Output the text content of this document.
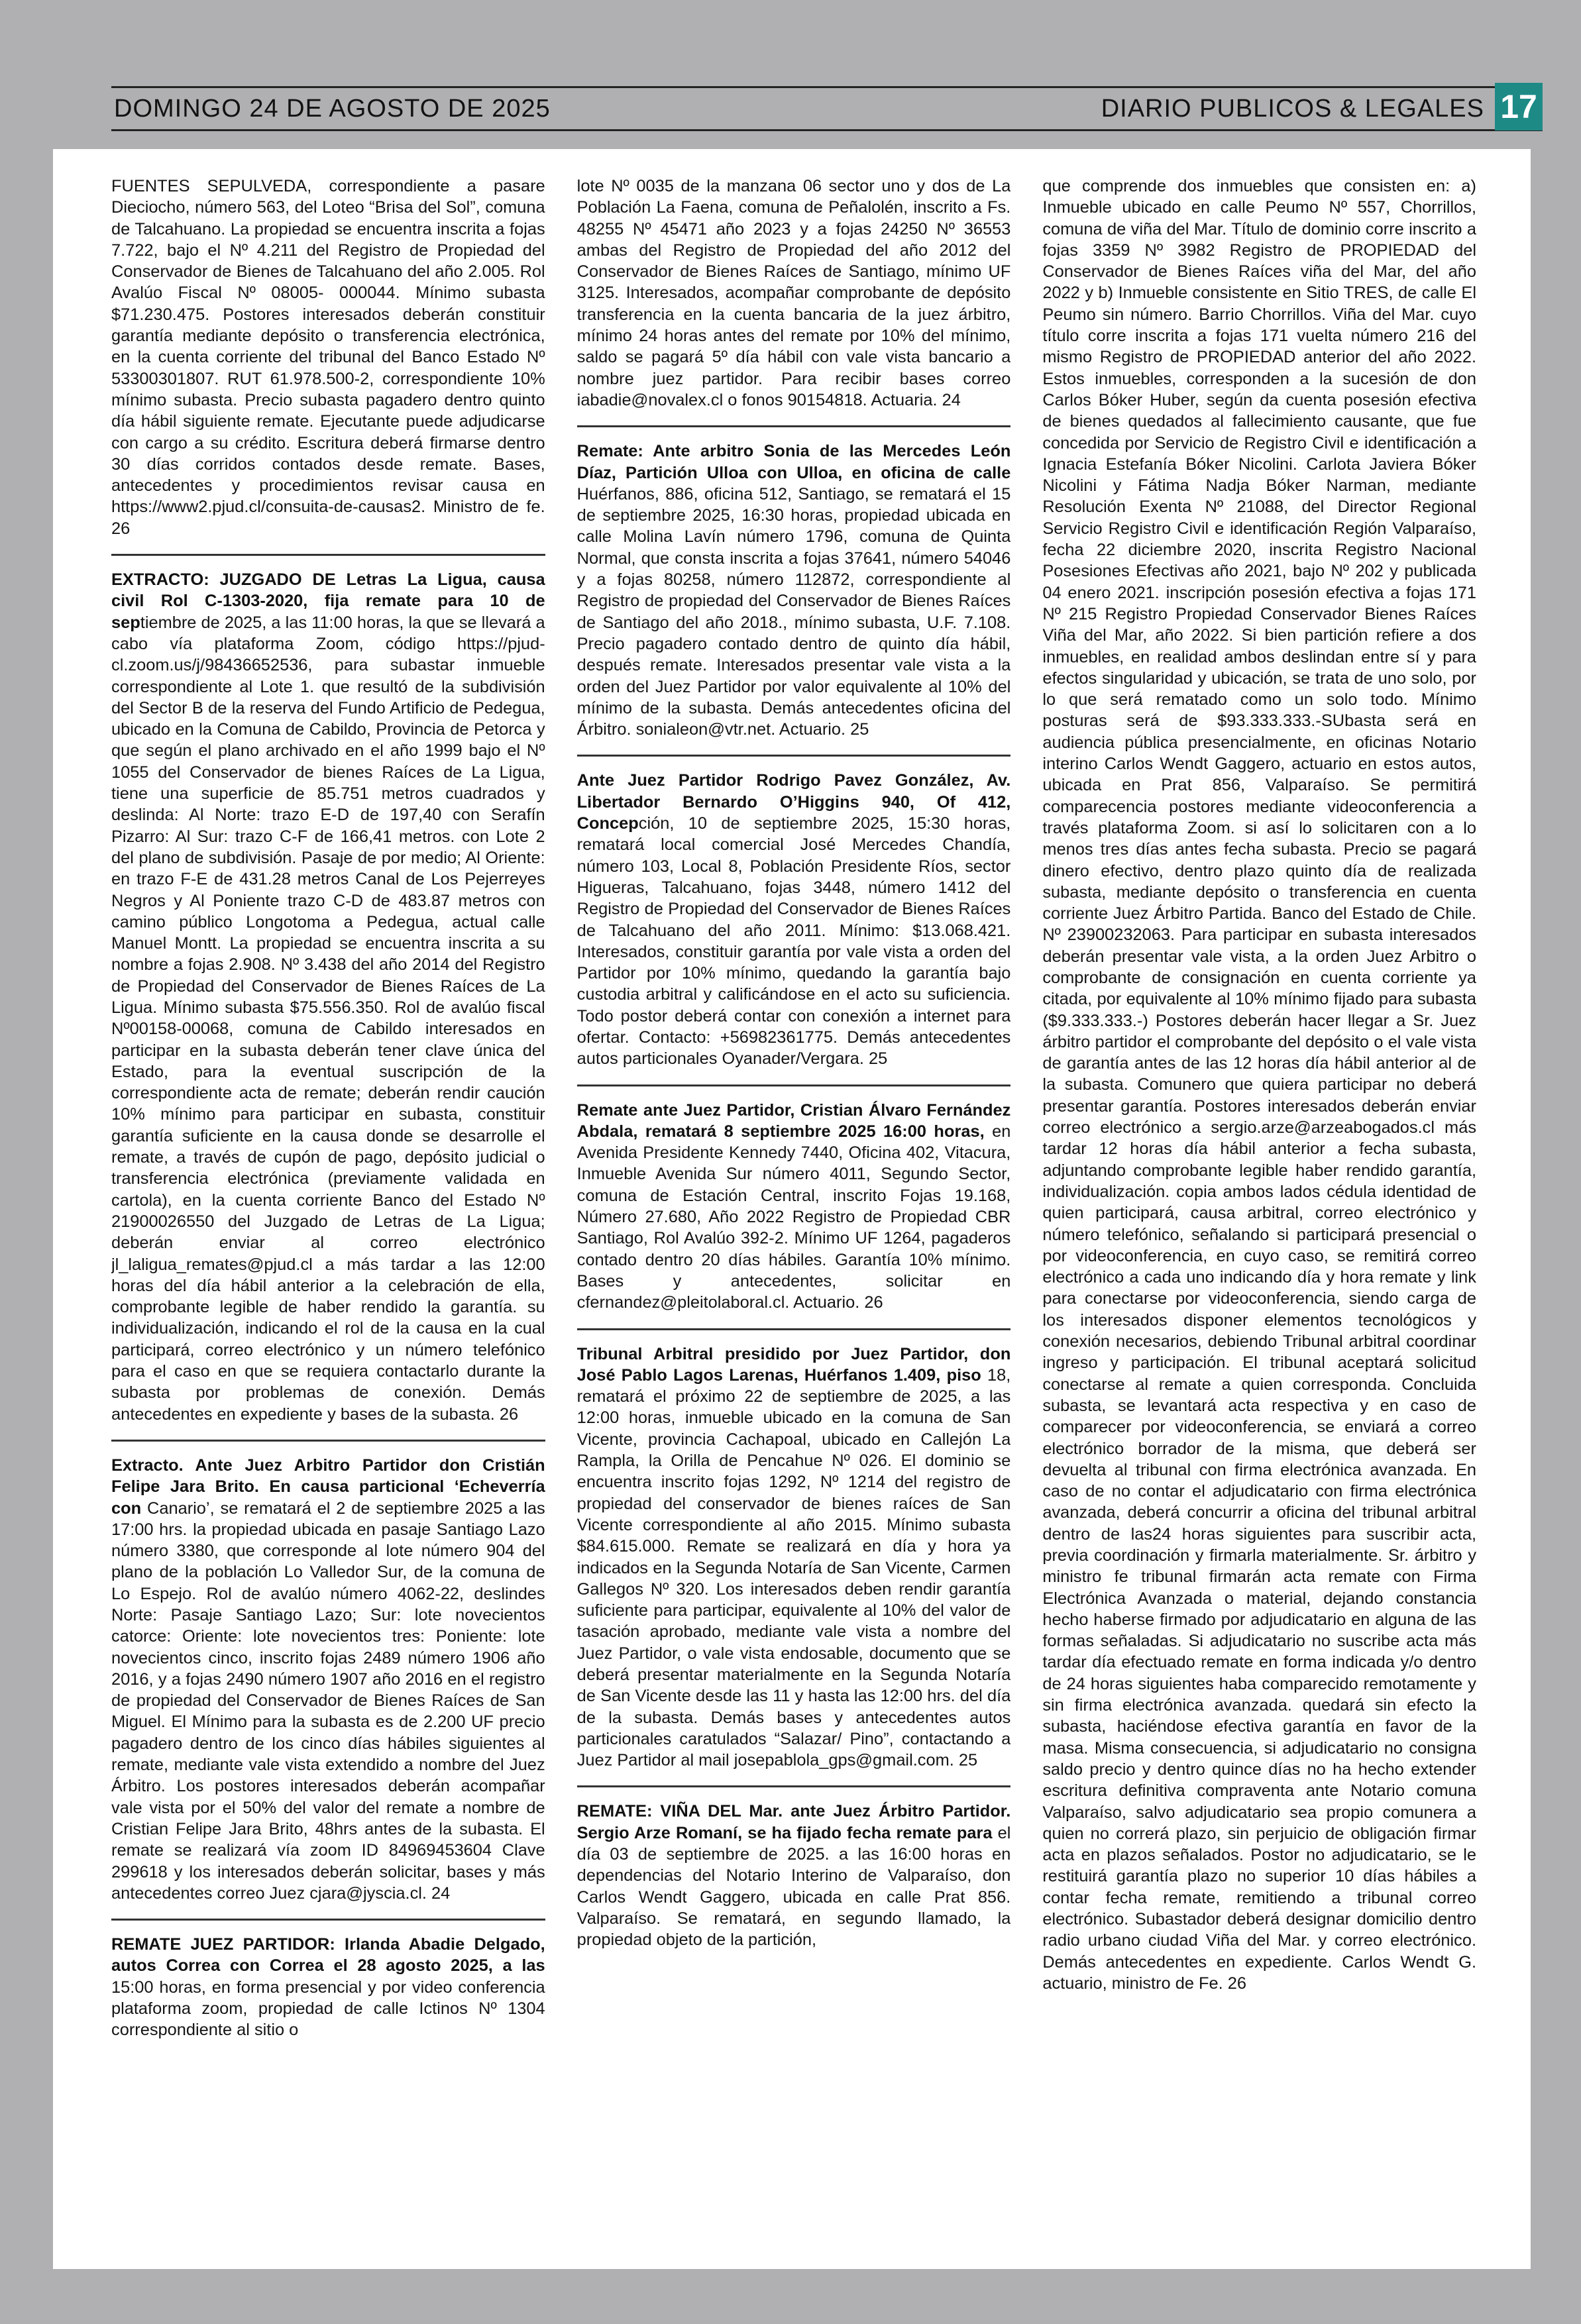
DOMINGO 24 DE AGOSTO DE 2025	DIARIO PUBLICOS & LEGALES 17

FUENTES SEPULVEDA, correspondiente a pasare Dieciocho, número 563, del Loteo “Brisa del Sol”, comuna de Talcahuano. La propiedad se encuentra inscrita a fojas 7.722, bajo el Nº 4.211 del Registro de Propiedad del Conservador de Bienes de Talcahuano del año 2.005. Rol Avalúo Fiscal Nº 08005- 000044. Mínimo subasta $71.230.475. Postores interesados deberán constituir garantía mediante depósito o transferencia electrónica, en la cuenta corriente del tribunal del Banco Estado Nº 53300301807. RUT 61.978.500-2, correspondiente 10% mínimo subasta. Precio subasta pagadero dentro quinto día hábil siguiente remate. Ejecutante puede adjudicarse con cargo a su crédito. Escritura deberá firmarse dentro 30 días corridos contados desde remate. Bases, antecedentes y procedimientos revisar causa en https://www2.pjud.cl/consuita-de-causas2. Ministro de fe. 26

EXTRACTO: JUZGADO DE Letras La Ligua, causa civil Rol C-1303-2020, fija remate para 10 de septiembre de 2025, a las 11:00 horas, la que se llevará a cabo vía plataforma Zoom, código https://pjud-cl.zoom.us/j/98436652536, para subastar inmueble correspondiente al Lote 1. que resultó de la subdivisión del Sector B de la reserva del Fundo Artificio de Pedegua, ubicado en la Comuna de Cabildo, Provincia de Petorca y que según el plano archivado en el año 1999 bajo el Nº 1055 del Conservador de bienes Raíces de La Ligua, tiene una superficie de 85.751 metros cuadrados y deslinda: Al Norte: trazo E-D de 197,40 con Serafín Pizarro: Al Sur: trazo C-F de 166,41 metros. con Lote 2 del plano de subdivisión. Pasaje de por medio; Al Oriente: en trazo F-E de 431.28 metros Canal de Los Pejerreyes Negros y Al Poniente trazo C-D de 483.87 metros con camino público Longotoma a Pedegua, actual calle Manuel Montt. La propiedad se encuentra inscrita a su nombre a fojas 2.908. Nº 3.438 del año 2014 del Registro de Propiedad del Conservador de Bienes Raíces de La Ligua. Mínimo subasta $75.556.350. Rol de avalúo fiscal Nº00158-00068, comuna de Cabildo interesados en participar en la subasta deberán tener clave única del Estado, para la eventual suscripción de la correspondiente acta de remate; deberán rendir caución 10% mínimo para participar en subasta, constituir garantía suficiente en la causa donde se desarrolle el remate, a través de cupón de pago, depósito judicial o transferencia electrónica (previamente validada en cartola), en la cuenta corriente Banco del Estado Nº 21900026550 del Juzgado de Letras de La Ligua; deberán enviar al correo electrónico jl_laligua_remates@pjud.cl a más tardar a las 12:00 horas del día hábil anterior a la celebración de ella, comprobante legible de haber rendido la garantía. su individualización, indicando el rol de la causa en la cual participará, correo electrónico y un número telefónico para el caso en que se requiera contactarlo durante la subasta por problemas de conexión. Demás antecedentes en expediente y bases de la subasta. 26

Extracto. Ante Juez Arbitro Partidor don Cristián Felipe Jara Brito. En causa particional ‘Echeverría con Canario’, se rematará el 2 de septiembre 2025 a las 17:00 hrs. la propiedad ubicada en pasaje Santiago Lazo número 3380, que corresponde al lote número 904 del plano de la población Lo Valledor Sur, de la comuna de Lo Espejo. Rol de avalúo número 4062-22, deslindes Norte: Pasaje Santiago Lazo; Sur: lote novecientos catorce: Oriente: lote novecientos tres: Poniente: lote novecientos cinco, inscrito fojas 2489 número 1906 año 2016, y a fojas 2490 número 1907 año 2016 en el registro de propiedad del Conservador de Bienes Raíces de San Miguel. El Mínimo para la subasta es de 2.200 UF precio pagadero dentro de los cinco días hábiles siguientes al remate, mediante vale vista extendido a nombre del Juez Árbitro. Los postores interesados deberán acompañar vale vista por el 50% del valor del remate a nombre de Cristian Felipe Jara Brito, 48hrs antes de la subasta. El remate se realizará vía zoom ID 84969453604 Clave 299618 y los interesados deberán solicitar, bases y más antecedentes correo Juez cjara@jyscia.cl. 24

REMATE JUEZ PARTIDOR: Irlanda Abadie Delgado, autos Correa con Correa el 28 agosto 2025, a las 15:00 horas, en forma presencial y por video conferencia plataforma zoom, propiedad de calle Ictinos Nº 1304 correspondiente al sitio o

lote Nº 0035 de la manzana 06 sector uno y dos de La Población La Faena, comuna de Peñalolén, inscrito a Fs. 48255 Nº 45471 año 2023 y a fojas 24250 Nº 36553 ambas del Registro de Propiedad del año 2012 del Conservador de Bienes Raíces de Santiago, mínimo UF 3125. Interesados, acompañar comprobante de depósito transferencia en la cuenta bancaria de la juez árbitro, mínimo 24 horas antes del remate por 10% del mínimo, saldo se pagará 5º día hábil con vale vista bancario a nombre juez partidor. Para recibir bases correo iabadie@novalex.cl o fonos 90154818. Actuaria. 24

Remate: Ante arbitro Sonia de las Mercedes León Díaz, Partición Ulloa con Ulloa, en oficina de calle Huérfanos, 886, oficina 512, Santiago, se rematará el 15 de septiembre 2025, 16:30 horas, propiedad ubicada en calle Molina Lavín número 1796, comuna de Quinta Normal, que consta inscrita a fojas 37641, número 54046 y a fojas 80258, número 112872, correspondiente al Registro de propiedad del Conservador de Bienes Raíces de Santiago del año 2018., mínimo subasta, U.F. 7.108. Precio pagadero contado dentro de quinto día hábil, después remate. Interesados presentar vale vista a la orden del Juez Partidor por valor equivalente al 10% del mínimo de la subasta. Demás antecedentes oficina del Árbitro. sonialeon@vtr.net. Actuario. 25

Ante Juez Partidor Rodrigo Pavez González, Av. Libertador Bernardo O’Higgins 940, Of 412, Concepción, 10 de septiembre 2025, 15:30 horas, rematará local comercial José Mercedes Chandía, número 103, Local 8, Población Presidente Ríos, sector Higueras, Talcahuano, fojas 3448, número 1412 del Registro de Propiedad del Conservador de Bienes Raíces de Talcahuano del año 2011. Mínimo: $13.068.421. Interesados, constituir garantía por vale vista a orden del Partidor por 10% mínimo, quedando la garantía bajo custodia arbitral y calificándose en el acto su suficiencia. Todo postor deberá contar con conexión a internet para ofertar. Contacto: +56982361775. Demás antecedentes autos particionales Oyanader/Vergara. 25

Remate ante Juez Partidor, Cristian Álvaro Fernández Abdala, rematará 8 septiembre 2025 16:00 horas, en Avenida Presidente Kennedy 7440, Oficina 402, Vitacura, Inmueble Avenida Sur número 4011, Segundo Sector, comuna de Estación Central, inscrito Fojas 19.168, Número 27.680, Año 2022 Registro de Propiedad CBR Santiago, Rol Avalúo 392-2. Mínimo UF 1264, pagaderos contado dentro 20 días hábiles. Garantía 10% mínimo. Bases y antecedentes, solicitar en cfernandez@pleitolaboral.cl. Actuario. 26

Tribunal Arbitral presidido por Juez Partidor, don José Pablo Lagos Larenas, Huérfanos 1.409, piso 18, rematará el próximo 22 de septiembre de 2025, a las 12:00 horas, inmueble ubicado en la comuna de San Vicente, provincia Cachapoal, ubicado en Callejón La Rampla, la Orilla de Pencahue Nº 026. El dominio se encuentra inscrito fojas 1292, Nº 1214 del registro de propiedad del conservador de bienes raíces de San Vicente correspondiente al año 2015. Mínimo subasta $84.615.000. Remate se realizará en día y hora ya indicados en la Segunda Notaría de San Vicente, Carmen Gallegos Nº 320. Los interesados deben rendir garantía suficiente para participar, equivalente al 10% del valor de tasación aprobado, mediante vale vista a nombre del Juez Partidor, o vale vista endosable, documento que se deberá presentar materialmente en la Segunda Notaría de San Vicente desde las 11 y hasta las 12:00 hrs. del día de la subasta. Demás bases y antecedentes autos particionales caratulados “Salazar/ Pino”, contactando a Juez Partidor al mail josepablola_gps@gmail.com. 25

REMATE: VIÑA DEL Mar. ante Juez Árbitro Partidor. Sergio Arze Romaní, se ha fijado fecha remate para el día 03 de septiembre de 2025. a las 16:00 horas en dependencias del Notario Interino de Valparaíso, don Carlos Wendt Gaggero, ubicada en calle Prat 856. Valparaíso. Se rematará, en segundo llamado, la propiedad objeto de la partición,

que comprende dos inmuebles que consisten en: a) Inmueble ubicado en calle Peumo Nº 557, Chorrillos, comuna de viña del Mar. Título de dominio corre inscrito a fojas 3359 Nº 3982 Registro de PROPIEDAD del Conservador de Bienes Raíces viña del Mar, del año 2022 y b) Inmueble consistente en Sitio TRES, de calle El Peumo sin número. Barrio Chorrillos. Viña del Mar. cuyo título corre inscrita a fojas 171 vuelta número 216 del mismo Registro de PROPIEDAD anterior del año 2022. Estos inmuebles, corresponden a la sucesión de don Carlos Bóker Huber, según da cuenta posesión efectiva de bienes quedados al fallecimiento causante, que fue concedida por Servicio de Registro Civil e identificación a Ignacia Estefanía Bóker Nicolini. Carlota Javiera Bóker Nicolini y Fátima Nadja Bóker Narman, mediante Resolución Exenta Nº 21088, del Director Regional Servicio Registro Civil e identificación Región Valparaíso, fecha 22 diciembre 2020, inscrita Registro Nacional Posesiones Efectivas año 2021, bajo Nº 202 y publicada 04 enero 2021. inscripción posesión efectiva a fojas 171 Nº 215 Registro Propiedad Conservador Bienes Raíces Viña del Mar, año 2022. Si bien partición refiere a dos inmuebles, en realidad ambos deslindan entre sí y para efectos singularidad y ubicación, se trata de uno solo, por lo que será rematado como un solo todo. Mínimo posturas será de $93.333.333.-SUbasta será en audiencia pública presencialmente, en oficinas Notario interino Carlos Wendt Gaggero, actuario en estos autos, ubicada en Prat 856, Valparaíso. Se permitirá comparecencia postores mediante videoconferencia a través plataforma Zoom. si así lo solicitaren con a lo menos tres días antes fecha subasta. Precio se pagará dinero efectivo, dentro plazo quinto día de realizada subasta, mediante depósito o transferencia en cuenta corriente Juez Árbitro Partida. Banco del Estado de Chile. Nº 23900232063. Para participar en subasta interesados deberán presentar vale vista, a la orden Juez Arbitro o comprobante de consignación en cuenta corriente ya citada, por equivalente al 10% mínimo fijado para subasta ($9.333.333.-) Postores deberán hacer llegar a Sr. Juez árbitro partidor el comprobante del depósito o el vale vista de garantía antes de las 12 horas día hábil anterior al de la subasta. Comunero que quiera participar no deberá presentar garantía. Postores interesados deberán enviar correo electrónico a sergio.arze@arzeabogados.cl más tardar 12 horas día hábil anterior a fecha subasta, adjuntando comprobante legible haber rendido garantía, individualización. copia ambos lados cédula identidad de quien participará, causa arbitral, correo electrónico y número telefónico, señalando si participará presencial o por videoconferencia, en cuyo caso, se remitirá correo electrónico a cada uno indicando día y hora remate y link para conectarse por videoconferencia, siendo carga de los interesados disponer elementos tecnológicos y conexión necesarios, debiendo Tribunal arbitral coordinar ingreso y participación. El tribunal aceptará solicitud conectarse al remate a quien corresponda. Concluida subasta, se levantará acta respectiva y en caso de comparecer por videoconferencia, se enviará a correo electrónico borrador de la misma, que deberá ser devuelta al tribunal con firma electrónica avanzada. En caso de no contar el adjudicatario con firma electrónica avanzada, deberá concurrir a oficina del tribunal arbitral dentro de las24 horas siguientes para suscribir acta, previa coordinación y firmarla materialmente. Sr. árbitro y ministro fe tribunal firmarán acta remate con Firma Electrónica Avanzada o material, dejando constancia hecho haberse firmado por adjudicatario en alguna de las formas señaladas. Si adjudicatario no suscribe acta más tardar día efectuado remate en forma indicada y/o dentro de 24 horas siguientes haba comparecido remotamente y sin firma electrónica avanzada. quedará sin efecto la subasta, haciéndose efectiva garantía en favor de la masa. Misma consecuencia, si adjudicatario no consigna saldo precio y dentro quince días no ha hecho extender escritura definitiva compraventa ante Notario comuna Valparaíso, salvo adjudicatario sea propio comunera a quien no correrá plazo, sin perjuicio de obligación firmar acta en plazos señalados. Postor no adjudicatario, se le restituirá garantía plazo no superior 10 días hábiles a contar fecha remate, remitiendo a tribunal correo electrónico. Subastador deberá designar domicilio dentro radio urbano ciudad Viña del Mar. y correo electrónico. Demás antecedentes en expediente. Carlos Wendt G. actuario, ministro de Fe. 26
